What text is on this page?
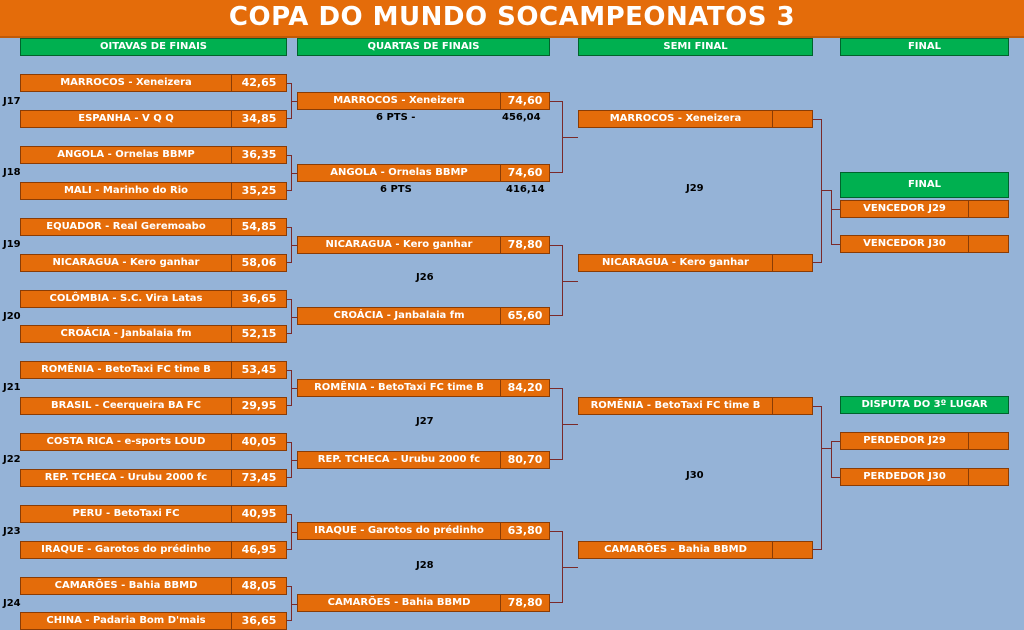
COPA DO MUNDO SOCAMPEONATOS 3
OITAVAS DE FINAIS	QUARTAS DE FINAIS	SEMI FINAL	FINAL
MARROCOS - Xeneizera	42,65
ESPANHA - V Q Q	34,85
ANGOLA - Ornelas BBMP	36,35
MALI - Marinho do Rio	35,25
EQUADOR - Real Geremoabo	54,85
NICARAGUA - Kero ganhar	58,06
COLÔMBIA - S.C. Vira Latas	36,65
CROÁCIA - Janbalaia fm	52,15
ROMÊNIA - BetoTaxi FC time B	53,45
BRASIL - Ceerqueira BA FC	29,95
COSTA RICA - e-sports LOUD	40,05
REP. TCHECA - Urubu 2000 fc	73,45
PERU - BetoTaxi FC	40,95
IRAQUE - Garotos do prédinho	46,95
CAMARÕES - Bahia BBMD	48,05
CHINA - Padaria Bom D'mais	36,65
J17
J18
J19
J20
J21
J22
J23
J24
MARROCOS - Xeneizera	74,60
ANGOLA - Ornelas BBMP	74,60
NICARAGUA - Kero ganhar	78,80
CROÁCIA - Janbalaia fm	65,60
ROMÊNIA - BetoTaxi FC time B	84,20
REP. TCHECA - Urubu 2000 fc	80,70
IRAQUE - Garotos do prédinho	63,80
CAMARÕES - Bahia BBMD	78,80
J26
J27
J28
MARROCOS - Xeneizera
NICARAGUA - Kero ganhar
ROMÊNIA - BetoTaxi FC time B
CAMARÕES - Bahia BBMD
J29
J30
VENCEDOR J29
VENCEDOR J30
PERDEDOR J29
PERDEDOR J30
6 PTS -	456,04
6 PTS	416,14	FINAL
DISPUTA DO 3º LUGAR
